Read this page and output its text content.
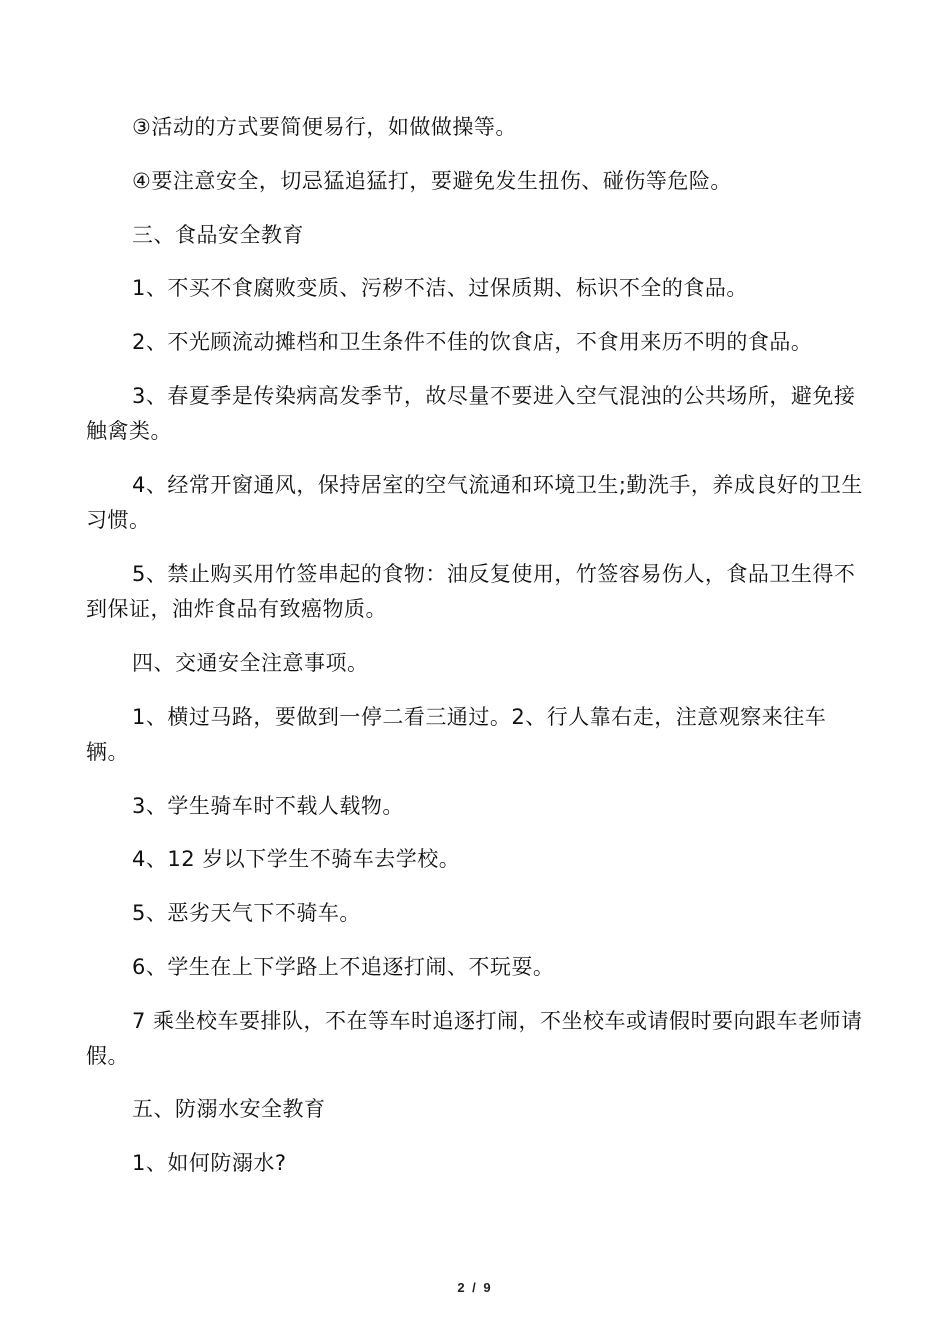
③活动的方式要简便易行，如做做操等。

④要注意安全，切忌猛追猛打，要避免发生扭伤、碰伤等危险。

三、食品安全教育

1、不买不食腐败变质、污秽不洁、过保质期、标识不全的食品。

2、不光顾流动摊档和卫生条件不佳的饮食店，不食用来历不明的食品。

3、春夏季是传染病高发季节，故尽量不要进入空气混浊的公共场所，避免接触禽类。

4、经常开窗通风，保持居室的空气流通和环境卫生;勤洗手，养成良好的卫生习惯。

5、禁止购买用竹签串起的食物：油反复使用，竹签容易伤人，食品卫生得不到保证，油炸食品有致癌物质。

四、交通安全注意事项。

1、横过马路，要做到一停二看三通过。2、行人靠右走，注意观察来往车辆。

3、学生骑车时不载人载物。

4、12 岁以下学生不骑车去学校。

5、恶劣天气下不骑车。

6、学生在上下学路上不追逐打闹、不玩耍。

7 乘坐校车要排队，不在等车时追逐打闹，不坐校车或请假时要向跟车老师请假。

五、防溺水安全教育

1、如何防溺水?

2 / 9
